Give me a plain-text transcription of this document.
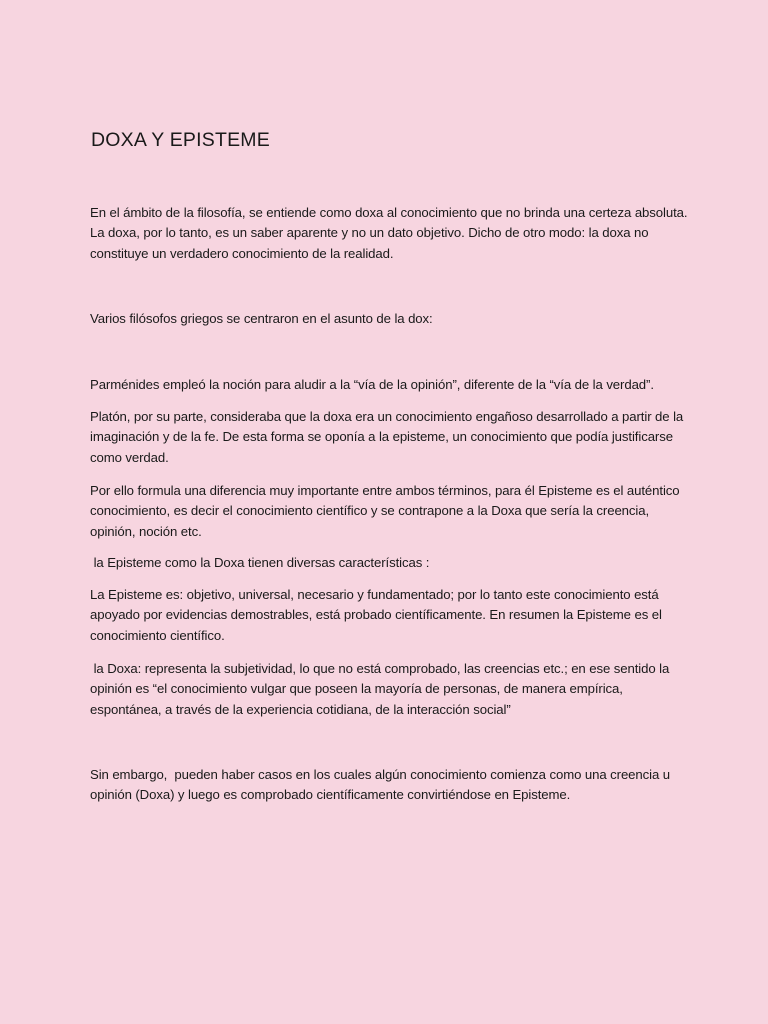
DOXA Y EPISTEME

En el ámbito de la filosofía, se entiende como doxa al conocimiento que no brinda una certeza absoluta. La doxa, por lo tanto, es un saber aparente y no un dato objetivo. Dicho de otro modo: la doxa no constituye un verdadero conocimiento de la realidad.

Varios filósofos griegos se centraron en el asunto de la dox:

Parménides empleó la noción para aludir a la “vía de la opinión”, diferente de la “vía de la verdad”.

Platón, por su parte, consideraba que la doxa era un conocimiento engañoso desarrollado a partir de la imaginación y de la fe. De esta forma se oponía a la episteme, un conocimiento que podía justificarse como verdad.

Por ello formula una diferencia muy importante entre ambos términos, para él Episteme es el auténtico conocimiento, es decir el conocimiento científico y se contrapone a la Doxa que sería la creencia, opinión, noción etc.

la Episteme como la Doxa tienen diversas características :

La Episteme es: objetivo, universal, necesario y fundamentado; por lo tanto este conocimiento está apoyado por evidencias demostrables, está probado científicamente. En resumen la Episteme es el conocimiento científico.

la Doxa: representa la subjetividad, lo que no está comprobado, las creencias etc.; en ese sentido la opinión es “el conocimiento vulgar que poseen la mayoría de personas, de manera empírica, espontánea, a través de la experiencia cotidiana, de la interacción social”

Sin embargo,  pueden haber casos en los cuales algún conocimiento comienza como una creencia u opinión (Doxa) y luego es comprobado científicamente convirtiéndose en Episteme.
